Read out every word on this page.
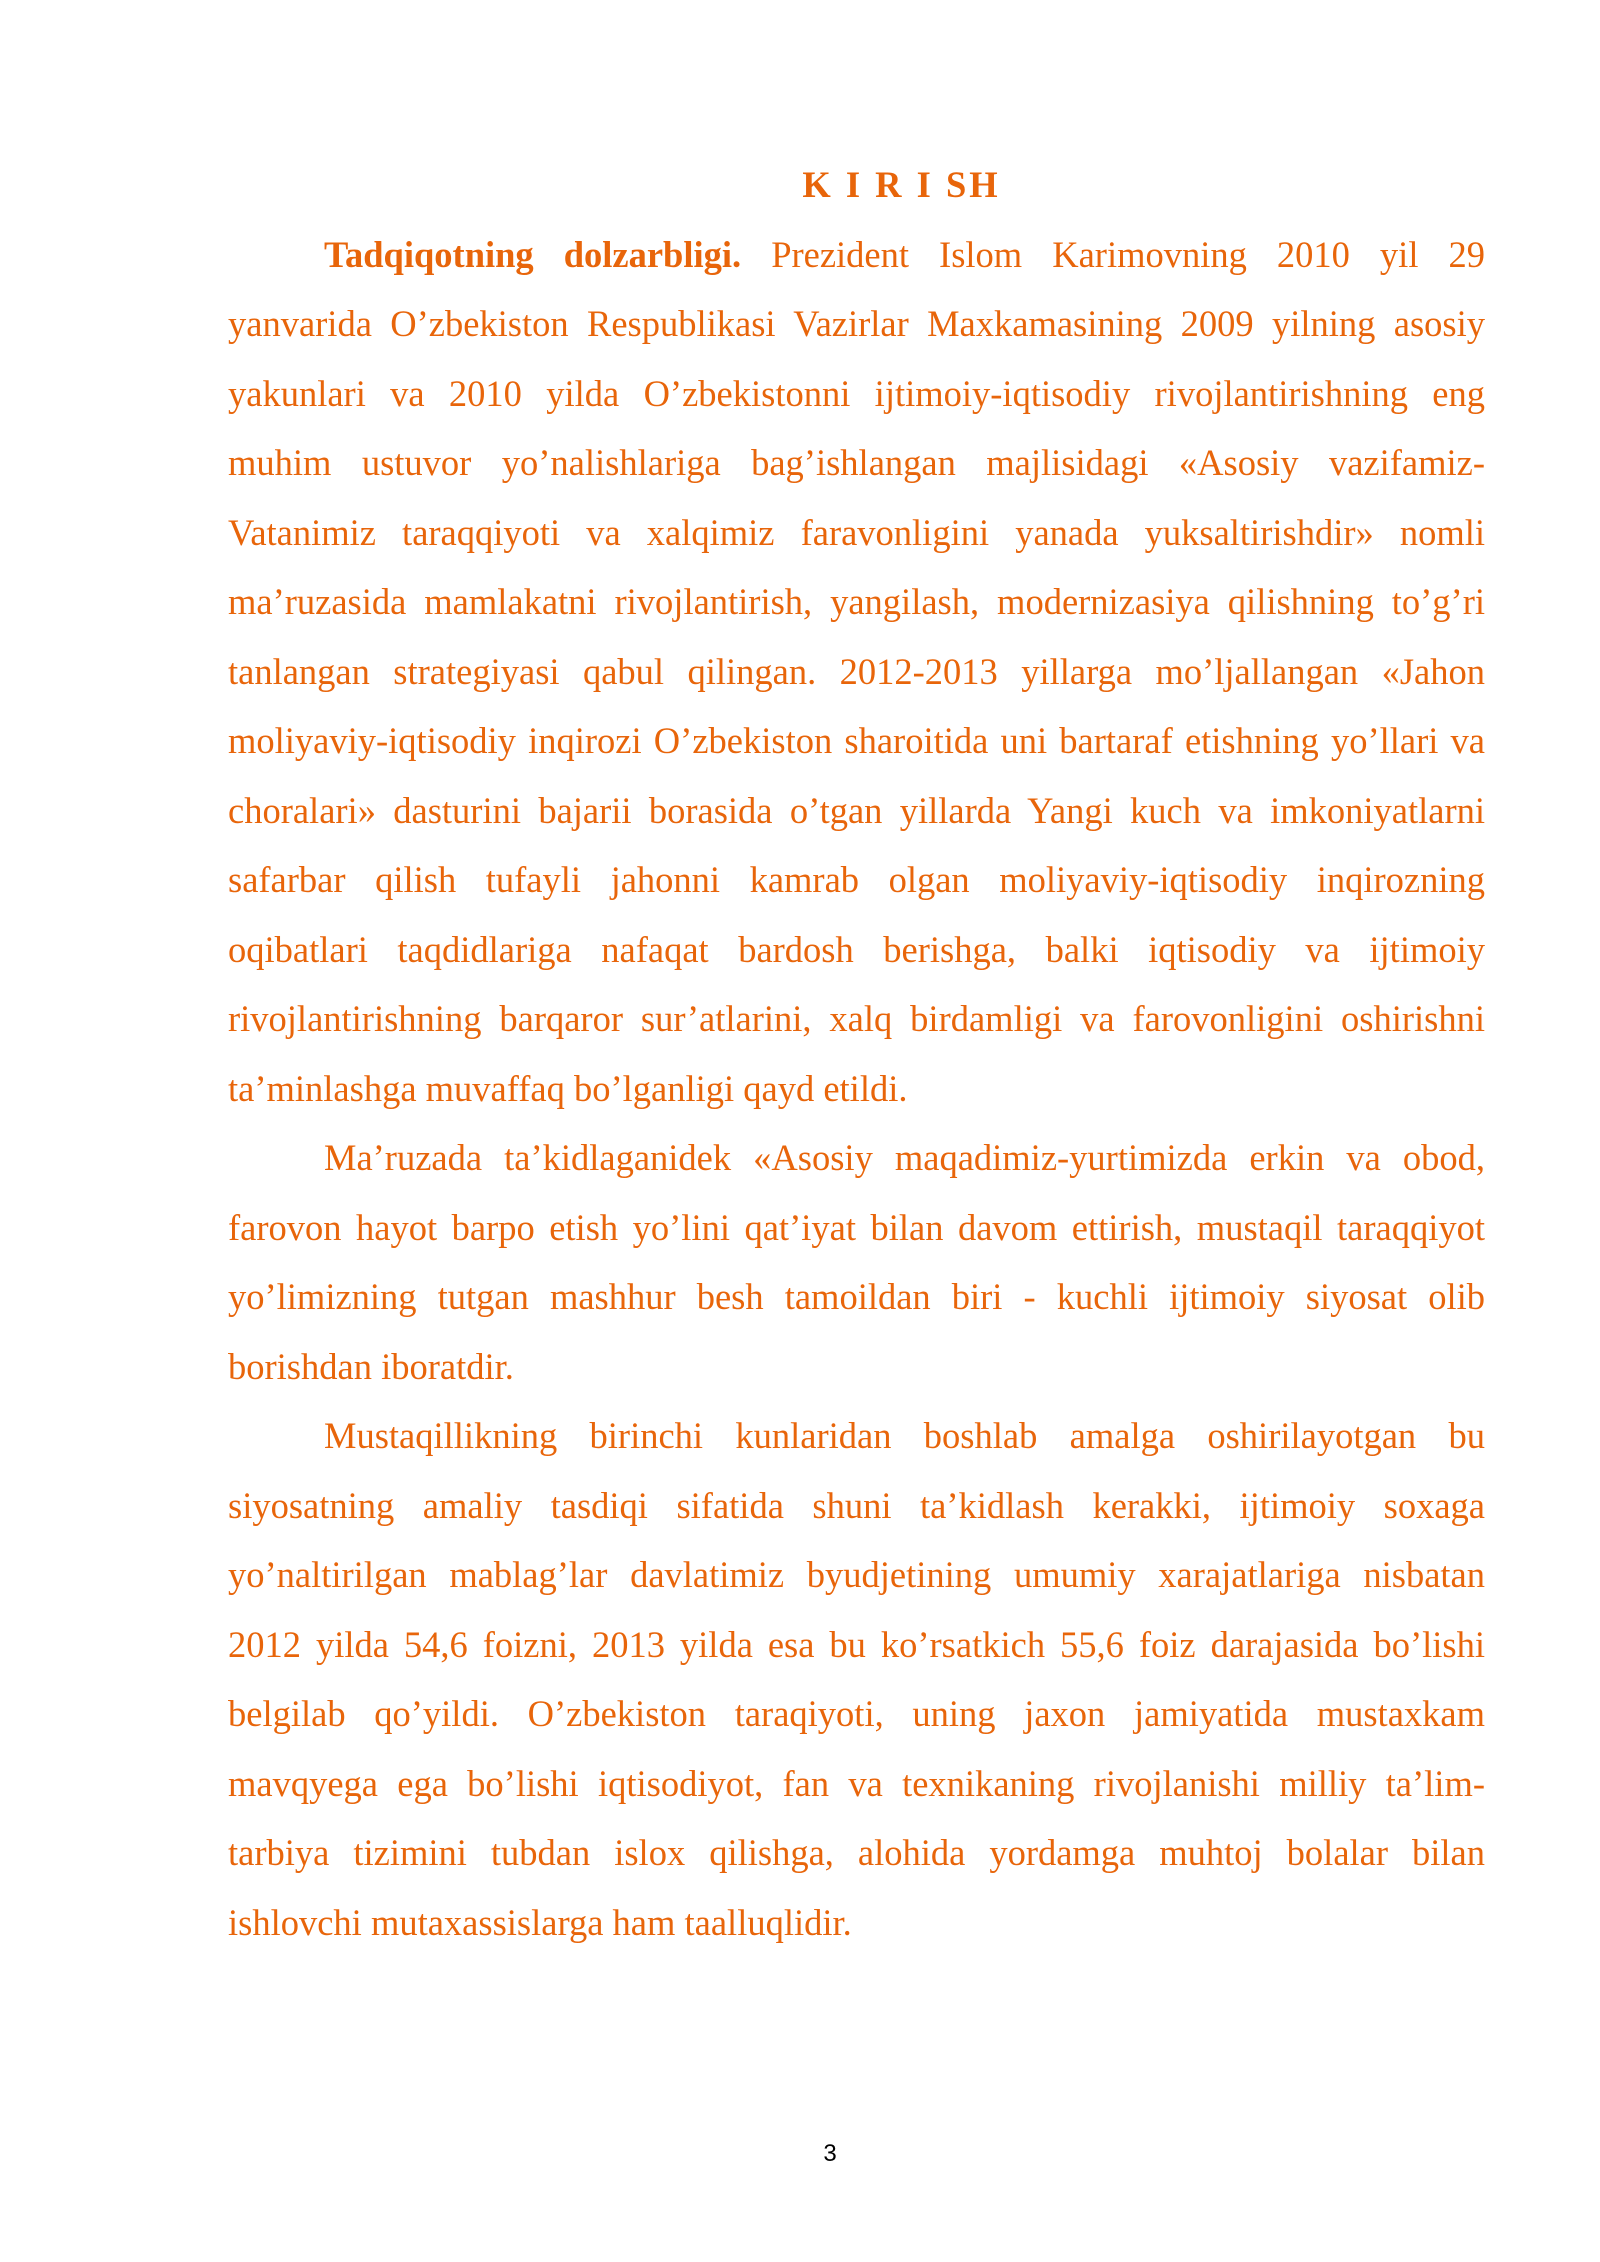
K I R I SH

Tadqiqotning dolzarbligi. Prezident Islom Karimovning 2010 yil 29 yanvarida O’zbekiston Respublikasi Vazirlar Maxkamasining 2009 yilning asosiy yakunlari va 2010 yilda O’zbekistonni ijtimoiy-iqtisodiy rivojlantirishning eng muhim ustuvor yo’nalishlariga bag’ishlangan majlisidagi «Asosiy vazifamiz-Vatanimiz taraqqiyoti va xalqimiz faravonligini yanada yuksaltirishdir» nomli ma’ruzasida mamlakatni rivojlantirish, yangilash, modernizasiya qilishning to’g’ri tanlangan strategiyasi qabul qilingan. 2012-2013 yillarga mo’ljallangan «Jahon moliyaviy-iqtisodiy inqirozi O’zbekiston sharoitida uni bartaraf etishning yo’llari va choralari» dasturini bajarii borasida o’tgan yillarda Yangi kuch va imkoniyatlarni safarbar qilish tufayli jahonni kamrab olgan moliyaviy-iqtisodiy inqirozning oqibatlari taqdidlariga nafaqat bardosh berishga, balki iqtisodiy va ijtimoiy rivojlantirishning barqaror sur’atlarini, xalq birdamligi va farovonligini oshirishni ta’minlashga muvaffaq bo’lganligi qayd etildi.

Ma’ruzada ta’kidlaganidek «Asosiy maqadimiz-yurtimizda erkin va obod, farovon hayot barpo etish yo’lini qat’iyat bilan davom ettirish, mustaqil taraqqiyot yo’limizning tutgan mashhur besh tamoildan biri - kuchli ijtimoiy siyosat olib borishdan iboratdir.

Mustaqillikning birinchi kunlaridan boshlab amalga oshirilayotgan bu siyosatning amaliy tasdiqi sifatida shuni ta’kidlash kerakki, ijtimoiy soxaga yo’naltirilgan mablag’lar davlatimiz byudjetining umumiy xarajatlariga nisbatan 2012 yilda 54,6 foizni, 2013 yilda esa bu ko’rsatkich 55,6 foiz darajasida bo’lishi belgilab qo’yildi. O’zbekiston taraqiyoti, uning jaxon jamiyatida mustaxkam mavqyega ega bo’lishi iqtisodiyot, fan va texnikaning rivojlanishi milliy ta’lim-tarbiya tizimini tubdan islox qilishga, alohida yordamga muhtoj bolalar bilan ishlovchi mutaxassislarga ham taalluqlidir.

3
